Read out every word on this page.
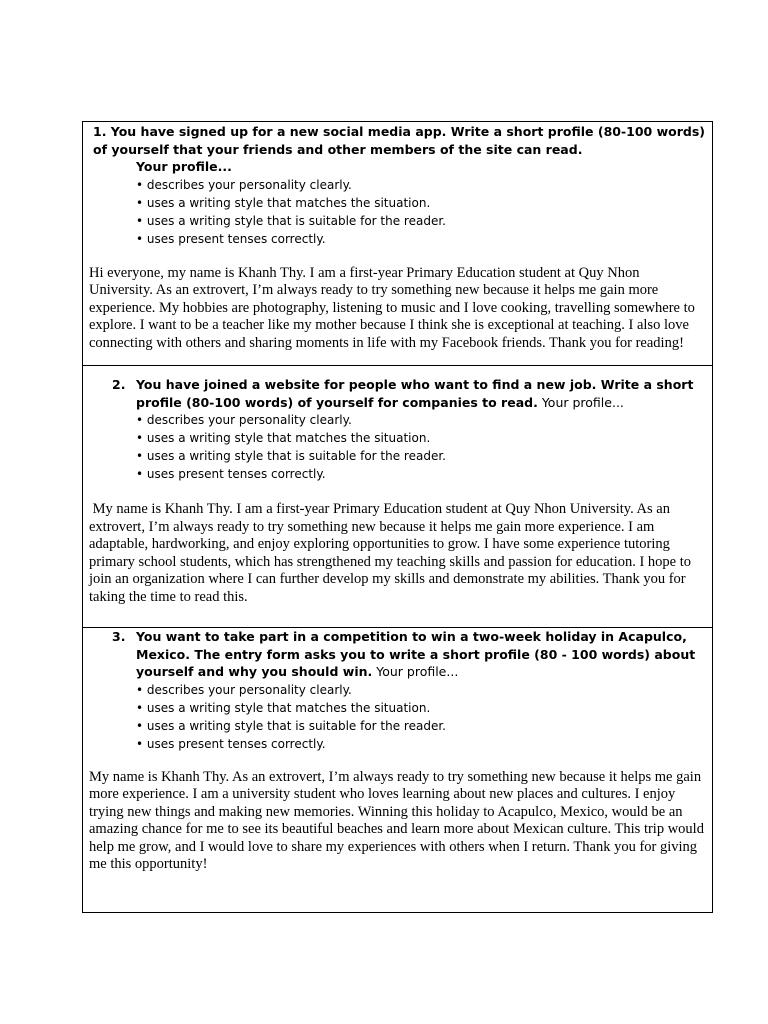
1. You have signed up for a new social media app. Write a short profile (80-100 words) of yourself that your friends and other members of the site can read.
Your profile...
• describes your personality clearly.
• uses a writing style that matches the situation.
• uses a writing style that is suitable for the reader.
• uses present tenses correctly.

Hi everyone, my name is Khanh Thy. I am a first-year Primary Education student at Quy Nhon University. As an extrovert, I’m always ready to try something new because it helps me gain more experience. My hobbies are photography, listening to music and I love cooking, travelling somewhere to explore. I want to be a teacher like my mother because I think she is exceptional at teaching. I also love connecting with others and sharing moments in life with my Facebook friends. Thank you for reading!

2. You have joined a website for people who want to find a new job. Write a short profile (80-100 words) of yourself for companies to read. Your profile...
• describes your personality clearly.
• uses a writing style that matches the situation.
• uses a writing style that is suitable for the reader.
• uses present tenses correctly.

My name is Khanh Thy. I am a first-year Primary Education student at Quy Nhon University. As an extrovert, I’m always ready to try something new because it helps me gain more experience. I am adaptable, hardworking, and enjoy exploring opportunities to grow. I have some experience tutoring primary school students, which has strengthened my teaching skills and passion for education. I hope to join an organization where I can further develop my skills and demonstrate my abilities. Thank you for taking the time to read this.

3. You want to take part in a competition to win a two-week holiday in Acapulco, Mexico. The entry form asks you to write a short profile (80 - 100 words) about yourself and why you should win. Your profile...
• describes your personality clearly.
• uses a writing style that matches the situation.
• uses a writing style that is suitable for the reader.
• uses present tenses correctly.

My name is Khanh Thy. As an extrovert, I’m always ready to try something new because it helps me gain more experience. I am a university student who loves learning about new places and cultures. I enjoy trying new things and making new memories. Winning this holiday to Acapulco, Mexico, would be an amazing chance for me to see its beautiful beaches and learn more about Mexican culture. This trip would help me grow, and I would love to share my experiences with others when I return. Thank you for giving me this opportunity!
